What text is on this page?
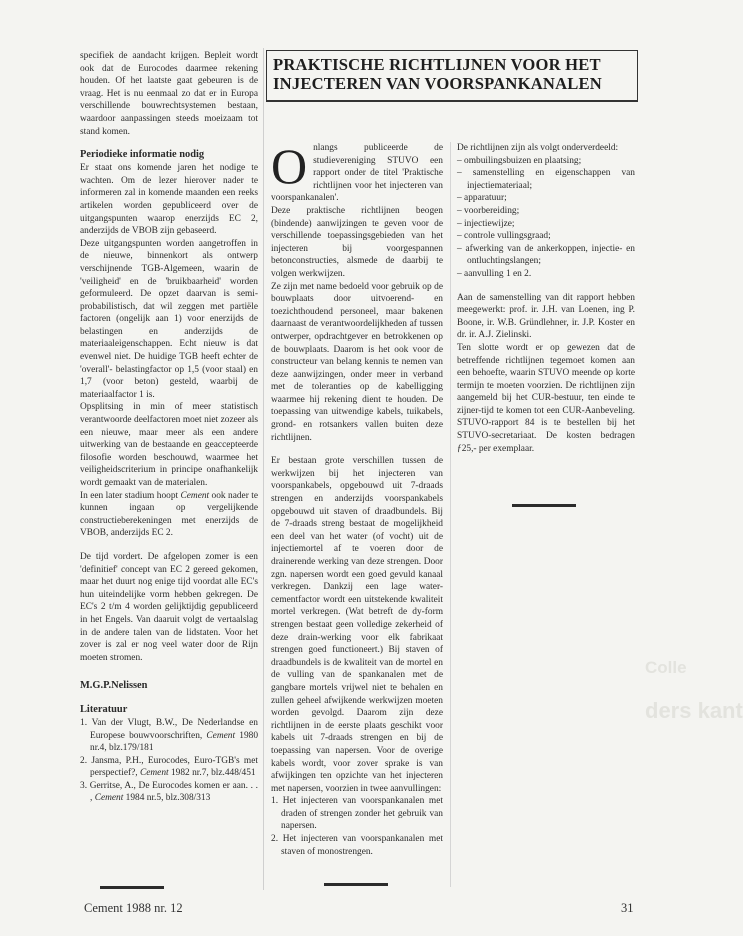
specifiek de aandacht krijgen. Bepleit wordt ook dat de Eurocodes daarmee rekening houden. Of het laatste gaat gebeuren is de vraag. Het is nu eenmaal zo dat er in Europa verschillende bouwrechtsystemen bestaan, waardoor aanpassingen steeds moeizaam tot stand komen.

Periodieke informatie nodig

Er staat ons komende jaren het nodige te wachten. Om de lezer hierover nader te informeren zal in komende maanden een reeks artikelen worden gepubliceerd over de uitgangspunten waarop enerzijds EC 2, anderzijds de VBOB zijn gebaseerd.

Deze uitgangspunten worden aangetroffen in de nieuwe, binnenkort als ontwerp verschijnende TGB-Algemeen, waarin de 'veiligheid' en de 'bruikbaarheid' worden geformuleerd. De opzet daarvan is semi-probabilistisch, dat wil zeggen met partiële factoren (ongelijk aan 1) voor enerzijds de belastingen en anderzijds de materiaaleigenschappen. Echt nieuw is dat evenwel niet. De huidige TGB heeft echter de 'overall'- belastingfactor op 1,5 (voor staal) en 1,7 (voor beton) gesteld, waarbij de materiaalfactor 1 is.

Opsplitsing in min of meer statistisch verantwoorde deelfactoren moet niet zozeer als een nieuwe, maar meer als een andere uitwerking van de bestaande en geaccepteerde filosofie worden beschouwd, waarmee het veiligheidscriterium in principe onafhankelijk wordt gemaakt van de materialen.

In een later stadium hoopt Cement ook nader te kunnen ingaan op vergelijkende constructieberekeningen met enerzijds de VBOB, anderzijds EC 2.

De tijd vordert. De afgelopen zomer is een 'definitief' concept van EC 2 gereed gekomen, maar het duurt nog enige tijd voordat alle EC's hun uiteindelijke vorm hebben gekregen. De EC's 2 t/m 4 worden gelijktijdig gepubliceerd in het Engels. Van daaruit volgt de vertaalslag in de andere talen van de lidstaten. Voor het zover is zal er nog veel water door de Rijn moeten stromen.

M.G.P.Nelissen

Literatuur
1. Van der Vlugt, B.W., De Nederlandse en Europese bouwvoorschriften, Cement 1980 nr.4, blz.179/181
2. Jansma, P.H., Eurocodes, Euro-TGB's met perspectief?, Cement 1982 nr.7, blz.448/451
3. Gerritse, A., De Eurocodes komen er aan. . . , Cement 1984 nr.5, blz.308/313
PRAKTISCHE RICHTLIJNEN VOOR HET
INJECTEREN VAN VOORSPANKANALEN

Onlangs publiceerde de studievereniging STUVO een rapport onder de titel 'Praktische richtlijnen voor het injecteren van voorspankanalen'.

Deze praktische richtlijnen beogen (bindende) aanwijzingen te geven voor de verschillende toepassingsgebieden van het injecteren bij voorgespannen betonconstructies, alsmede de daarbij te volgen werkwijzen.

Ze zijn met name bedoeld voor gebruik op de bouwplaats door uitvoerend- en toezichthoudend personeel, maar bakenen daarnaast de verantwoordelijkheden af tussen ontwerper, opdrachtgever en betrokkenen op de bouwplaats. Daarom is het ook voor de constructeur van belang kennis te nemen van deze aanwijzingen, onder meer in verband met de toleranties op de kabelligging waarmee hij rekening dient te houden. De toepassing van uitwendige kabels, tuikabels, grond- en rotsankers vallen buiten deze richtlijnen.

Er bestaan grote verschillen tussen de werkwijzen bij het injecteren van voorspankabels, opgebouwd uit 7-draads strengen en anderzijds voorspankabels opgebouwd uit staven of draadbundels. Bij de 7-draads streng bestaat de mogelijkheid een deel van het water (of vocht) uit de injectiemortel af te voeren door de drainerende werking van deze strengen. Door zgn. napersen wordt een goed gevuld kanaal verkregen. Dankzij een lage water-cementfactor wordt een uitstekende kwaliteit mortel verkregen. (Wat betreft de dy-form strengen bestaat geen volledige zekerheid of deze drain-werking voor elk fabrikaat strengen goed functioneert.) Bij staven of draadbundels is de kwaliteit van de mortel en de vulling van de spankanalen met de gangbare mortels vrijwel niet te behalen en zullen geheel afwijkende werkwijzen moeten worden gevolgd. Daarom zijn deze richtlijnen in de eerste plaats geschikt voor kabels uit 7-draads strengen en bij de toepassing van napersen. Voor de overige kabels wordt, voor zover sprake is van afwijkingen ten opzichte van het injecteren met napersen, voorzien in twee aanvullingen:

1. Het injecteren van voorspankanalen met draden of strengen zonder het gebruik van napersen.
2. Het injecteren van voorspankanalen met staven of monostrengen.

De richtlijnen zijn als volgt onderverdeeld:

– ombuilingsbuizen en plaatsing;
– samenstelling en eigenschappen van injectiemateriaal;
– apparatuur;
– voorbereiding;
– injectiewijze;
– controle vullingsgraad;
– afwerking van de ankerkoppen, injectie- en ontluchtingslangen;
– aanvulling 1 en 2.

Aan de samenstelling van dit rapport hebben meegewerkt: prof. ir. J.H. van Loenen, ing P. Boone, ir. W.B. Gründlehner, ir. J.P. Koster en dr. ir. A.J. Zielinski.

Ten slotte wordt er op gewezen dat de betreffende richtlijnen tegemoet komen aan een behoefte, waarin STUVO meende op korte termijn te moeten voorzien. De richtlijnen zijn aangemeld bij het CUR-bestuur, ten einde te zijner-tijd te komen tot een CUR-Aanbeveling. STUVO-rapport 84 is te bestellen bij het STUVO-secretariaat. De kosten bedragen ƒ25,- per exemplaar.

Colle
ders kant
Cement 1988 nr. 12	31
